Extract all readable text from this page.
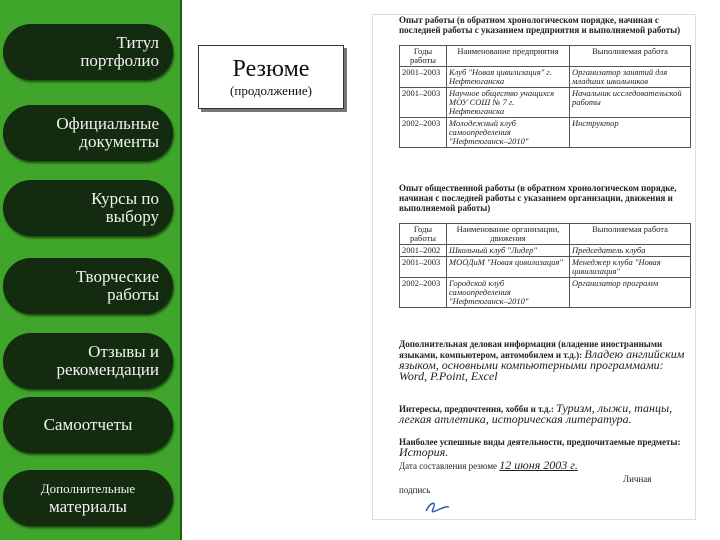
Титул
портфолио
Официальные
документы
Курсы по
выбору
Творческие
работы
Отзывы и
рекомендации
Самоотчеты
Дополнительные
материалы
Резюме
(продолжение)
Опыт работы (в обратном хронологическом порядке, начиная с последней работы с указанием предприятия и выполняемой работы)
Годы работы	Наименование предприятия	Выполняемая работа
2001–2003	Клуб "Новая цивилизация" г. Нефтеюганска	Организатор занятий для младших школьников
2001–2003	Научное общество учащихся МОУ СОШ № 7 г. Нефтеюганска	Начальник исследовательской работы
2002–2003	Молодежный клуб самоопределения "Нефтеюганск–2010"	Инструктор
Опыт общественной работы (в обратном хронологическом порядке, начиная с последней работы с указанием организации, движения и выполняемой работы)
Годы работы	Наименование организации, движения	Выполняемая работа
2001–2002	Школьный клуб "Лидер"	Председатель клуба
2001–2003	МООДиМ "Новая цивилизация"	Менеджер клуба "Новая цивилизация"
2002–2003	Городской клуб самоопределения "Нефтеюганск–2010"	Организатор программ
Дополнительная деловая информация (владение иностранными языками, компьютером, автомобилем и т.д.): Владею английским языком, основными компьютерными программами: Word, P.Point, Excel
Интересы, предпочтения, хобби и т.д.: Туризм, лыжи, танцы, легкая атлетика, историческая литература.
Наиболее успешные виды деятельности, предпочитаемые предметы: История.
Дата составления резюме 12 июня 2003 г.
Личная
подпись
